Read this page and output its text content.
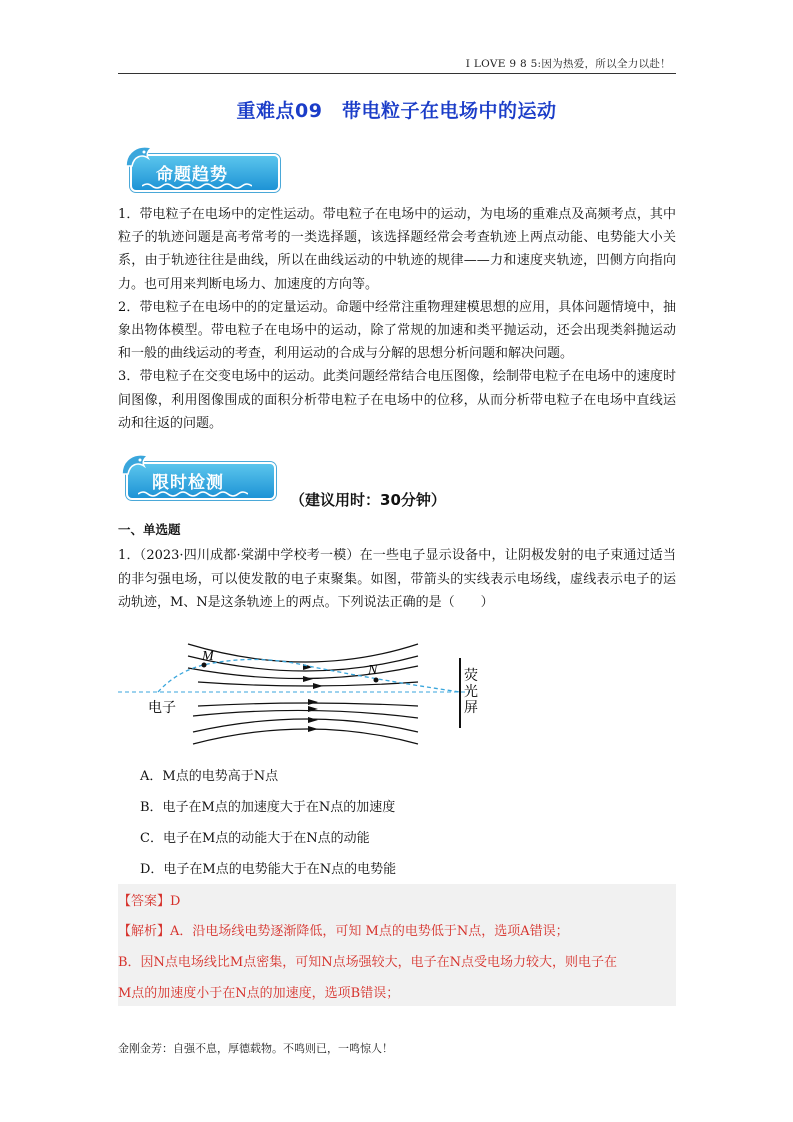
I LOVE 9 8 5:因为热爱，所以全力以赴！
重难点09　带电粒子在电场中的运动
命题趋势

1．带电粒子在电场中的定性运动。带电粒子在电场中的运动，为电场的重难点及高频考点，其中粒子的轨迹问题是高考常考的一类选择题，该选择题经常会考查轨迹上两点动能、电势能大小关系，由于轨迹往往是曲线，所以在曲线运动的中轨迹的规律——力和速度夹轨迹，凹侧方向指向力。也可用来判断电场力、加速度的方向等。

2．带电粒子在电场中的的定量运动。命题中经常注重物理建模思想的应用，具体问题情境中，抽象出物体模型。带电粒子在电场中的运动，除了常规的加速和类平抛运动，还会出现类斜抛运动和一般的曲线运动的考查，利用运动的合成与分解的思想分析问题和解决问题。

3．带电粒子在交变电场中的运动。此类问题经常结合电压图像，绘制带电粒子在电场中的速度时间图像，利用图像围成的面积分析带电粒子在电场中的位移，从而分析带电粒子在电场中直线运动和往返的问题。

限时检测
（建议用时：30分钟）
一、单选题
1．（2023·四川成都·棠湖中学校考一模）在一些电子显示设备中，让阴极发射的电子束通过适当的非匀强电场，可以使发散的电子束聚集。如图，带箭头的实线表示电场线，虚线表示电子的运动轨迹，M、N是这条轨迹上的两点。下列说法正确的是（　　）
M
N
电子
荧
光
屏
A．M点的电势高于N点
B．电子在M点的加速度大于在N点的加速度
C．电子在M点的动能大于在N点的动能
D．电子在M点的电势能大于在N点的电势能
【答案】D
【解析】A．沿电场线电势逐渐降低，可知 M点的电势低于N点，选项A错误；
B．因N点电场线比M点密集，可知N点场强较大，电子在N点受电场力较大，则电子在
M点的加速度小于在N点的加速度，选项B错误；
金刚金芳：自强不息，厚德载物。不鸣则已，一鸣惊人！
